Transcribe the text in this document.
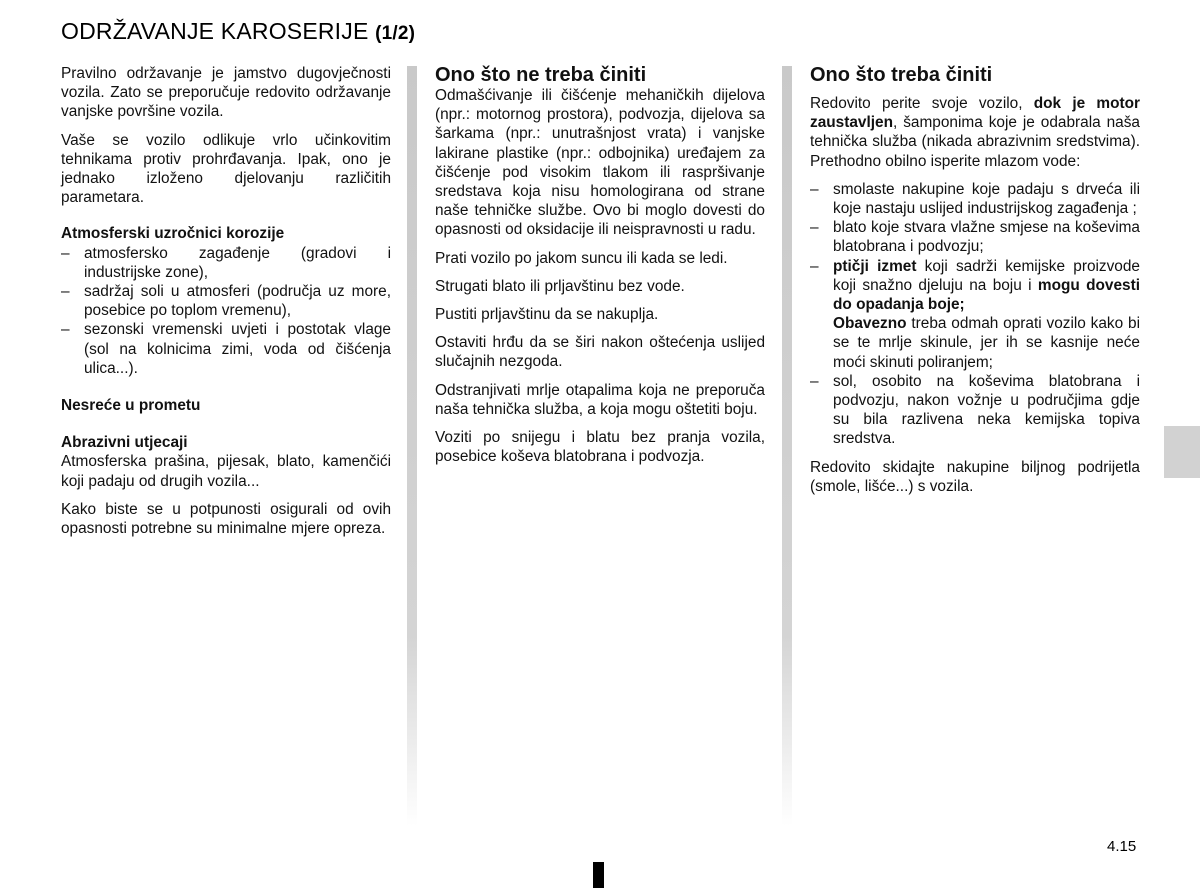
ODRŽAVANJE KAROSERIJE (1/2)

Pravilno održavanje je jamstvo dugovječnosti vozila. Zato se preporučuje redovito održavanje vanjske površine vozila.

Vaše se vozilo odlikuje vrlo učinkovitim tehnikama protiv prohrđavanja. Ipak, ono je jednako izloženo djelovanju različitih parametara.

Atmosferski uzročnici korozije
– atmosfersko zagađenje (gradovi i industrijske zone),
– sadržaj soli u atmosferi (područja uz more, posebice po toplom vremenu),
– sezonski vremenski uvjeti i postotak vlage (sol na kolnicima zimi, voda od čišćenja ulica...).
Nesreće u prometu
Abrazivni utjecaji

Atmosferska prašina, pijesak, blato, kamenčići koji padaju od drugih vozila...

Kako biste se u potpunosti osigurali od ovih opasnosti potrebne su minimalne mjere opreza.

Ono što ne treba činiti

Odmašćivanje ili čišćenje mehaničkih dijelova (npr.: motornog prostora), podvozja, dijelova sa šarkama (npr.: unutrašnjost vrata) i vanjske lakirane plastike (npr.: odbojnika) uređajem za čišćenje pod visokim tlakom ili raspršivanje sredstava koja nisu homologirana od strane naše tehničke službe. Ovo bi moglo dovesti do opasnosti od oksidacije ili neispravnosti u radu.

Prati vozilo po jakom suncu ili kada se ledi.

Strugati blato ili prljavštinu bez vode.

Pustiti prljavštinu da se nakuplja.

Ostaviti hrđu da se širi nakon oštećenja uslijed slučajnih nezgoda.

Odstranjivati mrlje otapalima koja ne preporuča naša tehnička služba, a koja mogu oštetiti boju.

Voziti po snijegu i blatu bez pranja vozila, posebice koševa blatobrana i podvozja.

Ono što treba činiti

Redovito perite svoje vozilo, dok je motor zaustavljen, šamponima koje je odabrala naša tehnička služba (nikada abrazivnim sredstvima). Prethodno obilno isperite mlazom vode:

– smolaste nakupine koje padaju s drveća ili koje nastaju uslijed industrijskog zagađenja ;
– blato koje stvara vlažne smjese na koševima blatobrana i podvozju;
– ptičji izmet koji sadrži kemijske proizvode koji snažno djeluju na boju i mogu dovesti do opadanja boje;
Obavezno treba odmah oprati vozilo kako bi se te mrlje skinule, jer ih se kasnije neće moći skinuti poliranjem;
– sol, osobito na koševima blatobrana i podvozju, nakon vožnje u područjima gdje su bila razlivena neka kemijska topiva sredstva.

Redovito skidajte nakupine biljnog podrijetla (smole, lišće...) s vozila.

4.15
